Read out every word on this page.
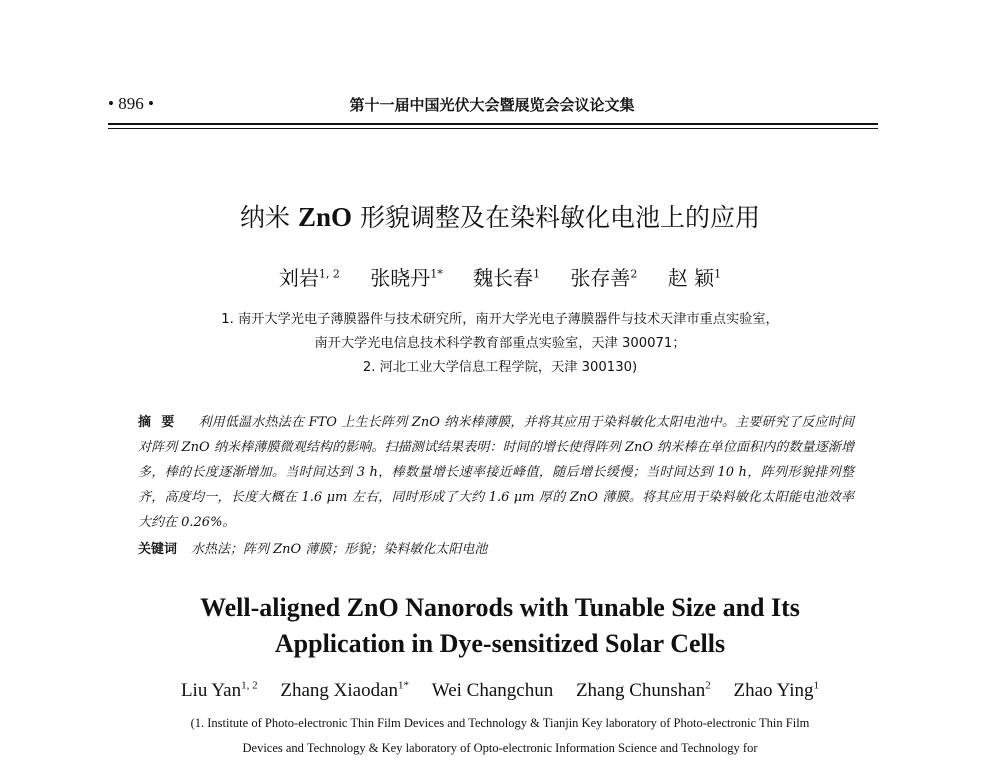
• 896 •	第十一届中国光伏大会暨展览会会议论文集
纳米 ZnO 形貌调整及在染料敏化电池上的应用
刘岩$^{1, 2}$ 张晓丹$^{1*}$ 魏长春$^1$ 张存善$^2$ 赵 颖$^1$
1. 南开大学光电子薄膜器件与技术研究所，南开大学光电子薄膜器件与技术天津市重点实验室，
南开大学光电信息技术科学教育部重点实验室，天津 300071；
2. 河北工业大学信息工程学院，天津 300130)
摘要 利用低温水热法在 FTO 上生长阵列 ZnO 纳米棒薄膜，并将其应用于染料敏化太阳电池中。主要研究了反应时间对阵列 ZnO 纳米棒薄膜微观结构的影响。扫描测试结果表明：时间的增长使得阵列 ZnO 纳米棒在单位面积内的数量逐渐增多，棒的长度逐渐增加。当时间达到 3 h，棒数量增长速率接近峰值，随后增长缓慢；当时间达到 10 h，阵列形貌排列整齐，高度均一，长度大概在 1.6 μm 左右，同时形成了大约 1.6 μm 厚的 ZnO 薄膜。将其应用于染料敏化太阳能电池效率大约在 0.26%。
关键词 水热法；阵列 ZnO 薄膜；形貌；染料敏化太阳电池
Well-aligned ZnO Nanorods with Tunable Size and Its
Application in Dye-sensitized Solar Cells
Liu Yan$^{1, 2}$ Zhang Xiaodan$^{1*}$ Wei Changchun Zhang Chunshan$^2$ Zhao Ying$^1$
(1. Institute of Photo-electronic Thin Film Devices and Technology & Tianjin Key laboratory of Photo-electronic Thin Film
Devices and Technology & Key laboratory of Opto-electronic Information Science and Technology for
